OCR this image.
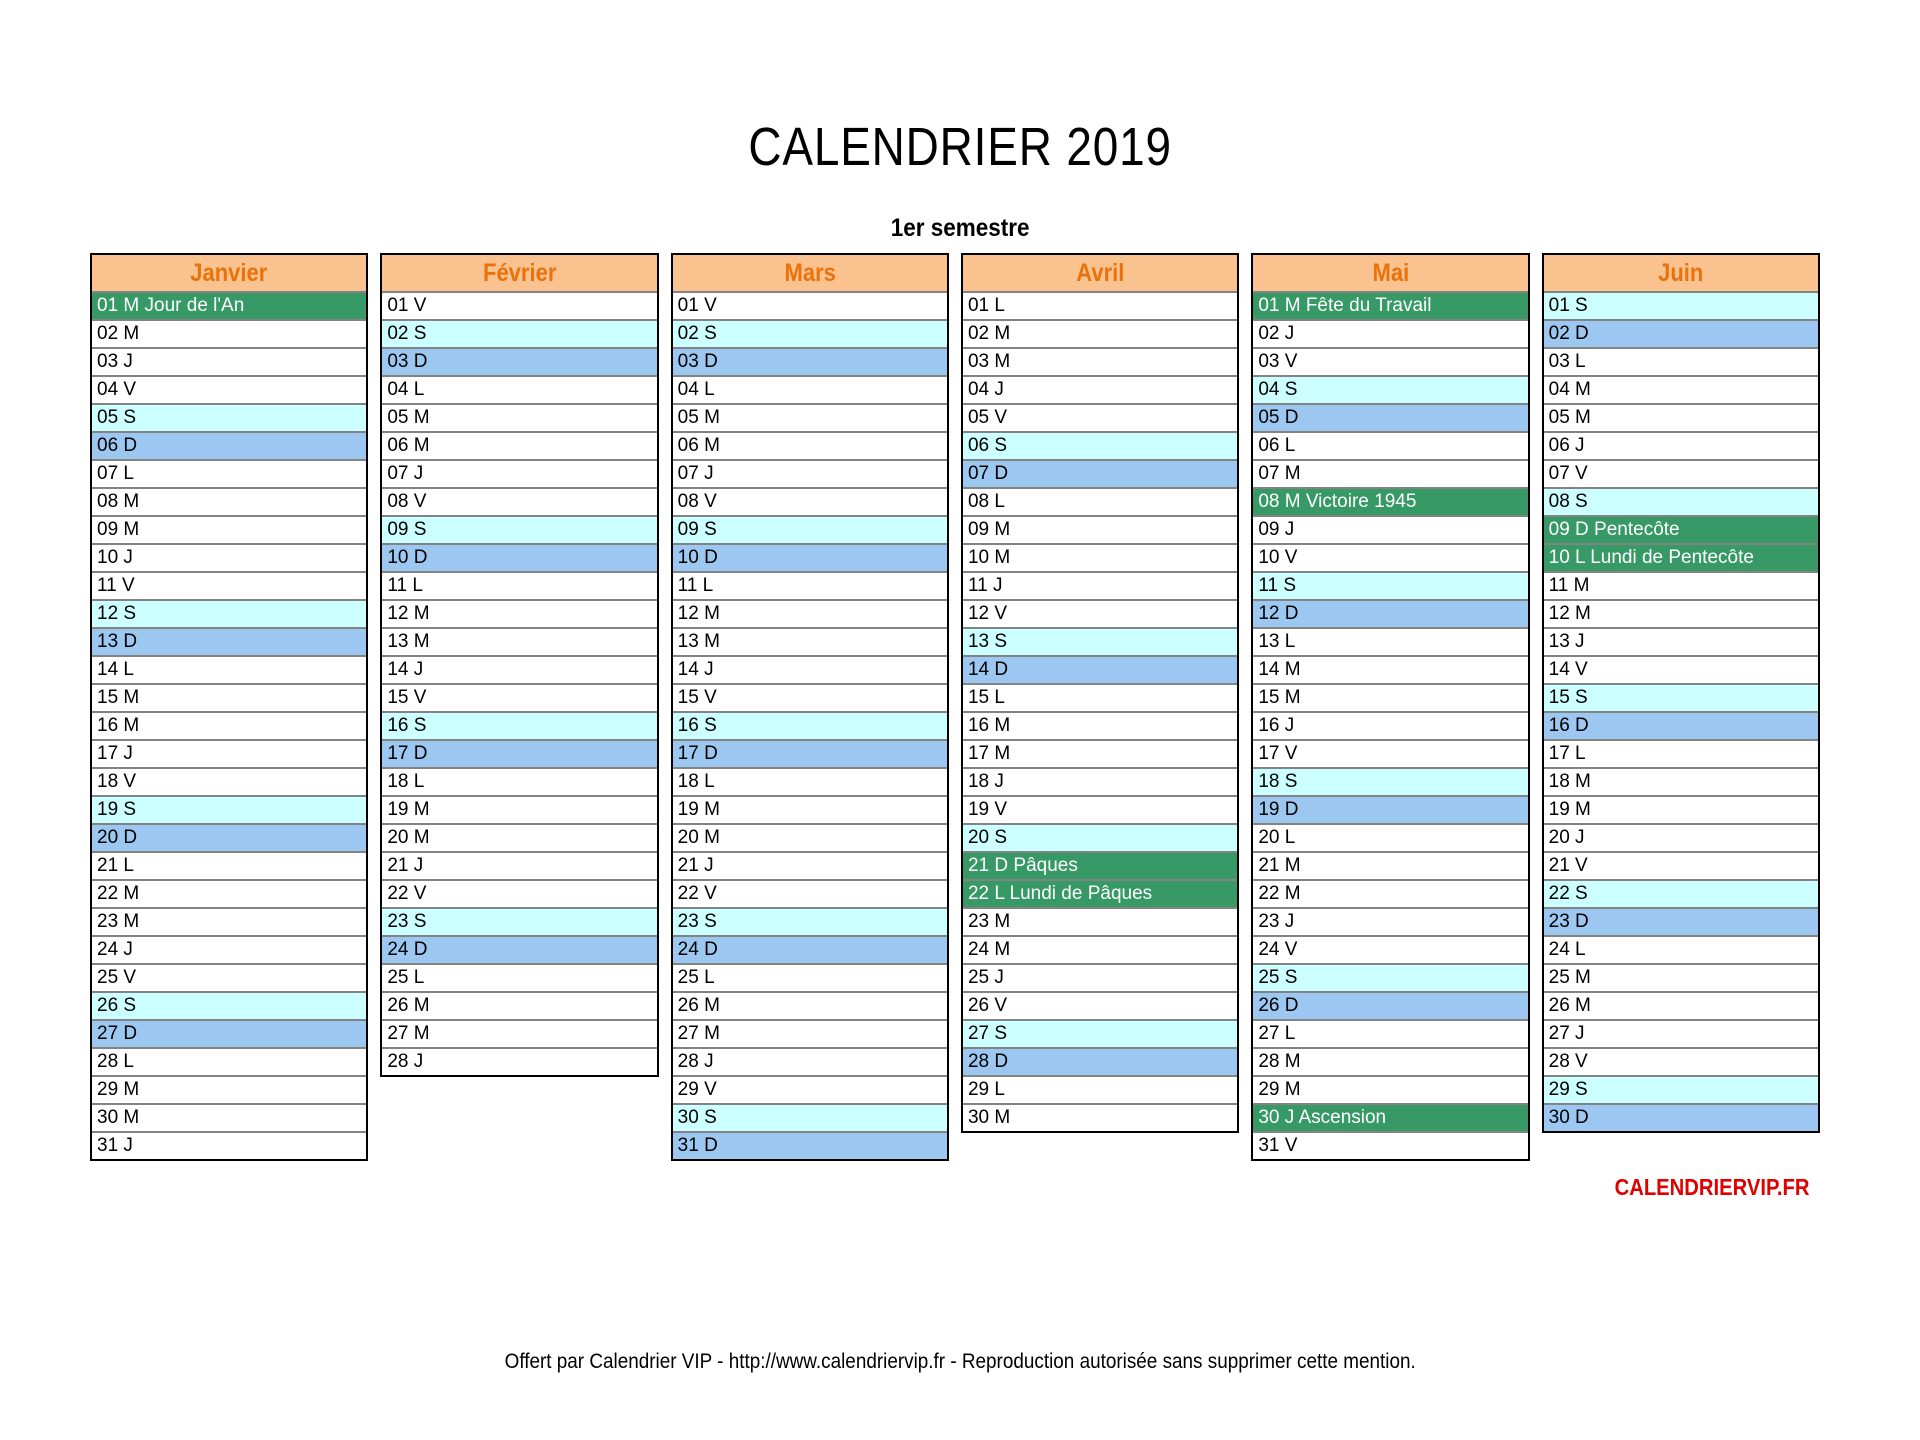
CALENDRIER 2019
1er semestre
Janvier
01 M Jour de l'An
02 M
03 J
04 V
05 S
06 D
07 L
08 M
09 M
10 J
11 V
12 S
13 D
14 L
15 M
16 M
17 J
18 V
19 S
20 D
21 L
22 M
23 M
24 J
25 V
26 S
27 D
28 L
29 M
30 M
31 J
Février
01 V
02 S
03 D
04 L
05 M
06 M
07 J
08 V
09 S
10 D
11 L
12 M
13 M
14 J
15 V
16 S
17 D
18 L
19 M
20 M
21 J
22 V
23 S
24 D
25 L
26 M
27 M
28 J
Mars
01 V
02 S
03 D
04 L
05 M
06 M
07 J
08 V
09 S
10 D
11 L
12 M
13 M
14 J
15 V
16 S
17 D
18 L
19 M
20 M
21 J
22 V
23 S
24 D
25 L
26 M
27 M
28 J
29 V
30 S
31 D
Avril
01 L
02 M
03 M
04 J
05 V
06 S
07 D
08 L
09 M
10 M
11 J
12 V
13 S
14 D
15 L
16 M
17 M
18 J
19 V
20 S
21 D Pâques
22 L Lundi de Pâques
23 M
24 M
25 J
26 V
27 S
28 D
29 L
30 M
Mai
01 M Fête du Travail
02 J
03 V
04 S
05 D
06 L
07 M
08 M Victoire 1945
09 J
10 V
11 S
12 D
13 L
14 M
15 M
16 J
17 V
18 S
19 D
20 L
21 M
22 M
23 J
24 V
25 S
26 D
27 L
28 M
29 M
30 J Ascension
31 V
Juin
01 S
02 D
03 L
04 M
05 M
06 J
07 V
08 S
09 D Pentecôte
10 L Lundi de Pentecôte
11 M
12 M
13 J
14 V
15 S
16 D
17 L
18 M
19 M
20 J
21 V
22 S
23 D
24 L
25 M
26 M
27 J
28 V
29 S
30 D
CALENDRIERVIP.FR
Offert par Calendrier VIP - http://www.calendriervip.fr - Reproduction autorisée sans supprimer cette mention.
